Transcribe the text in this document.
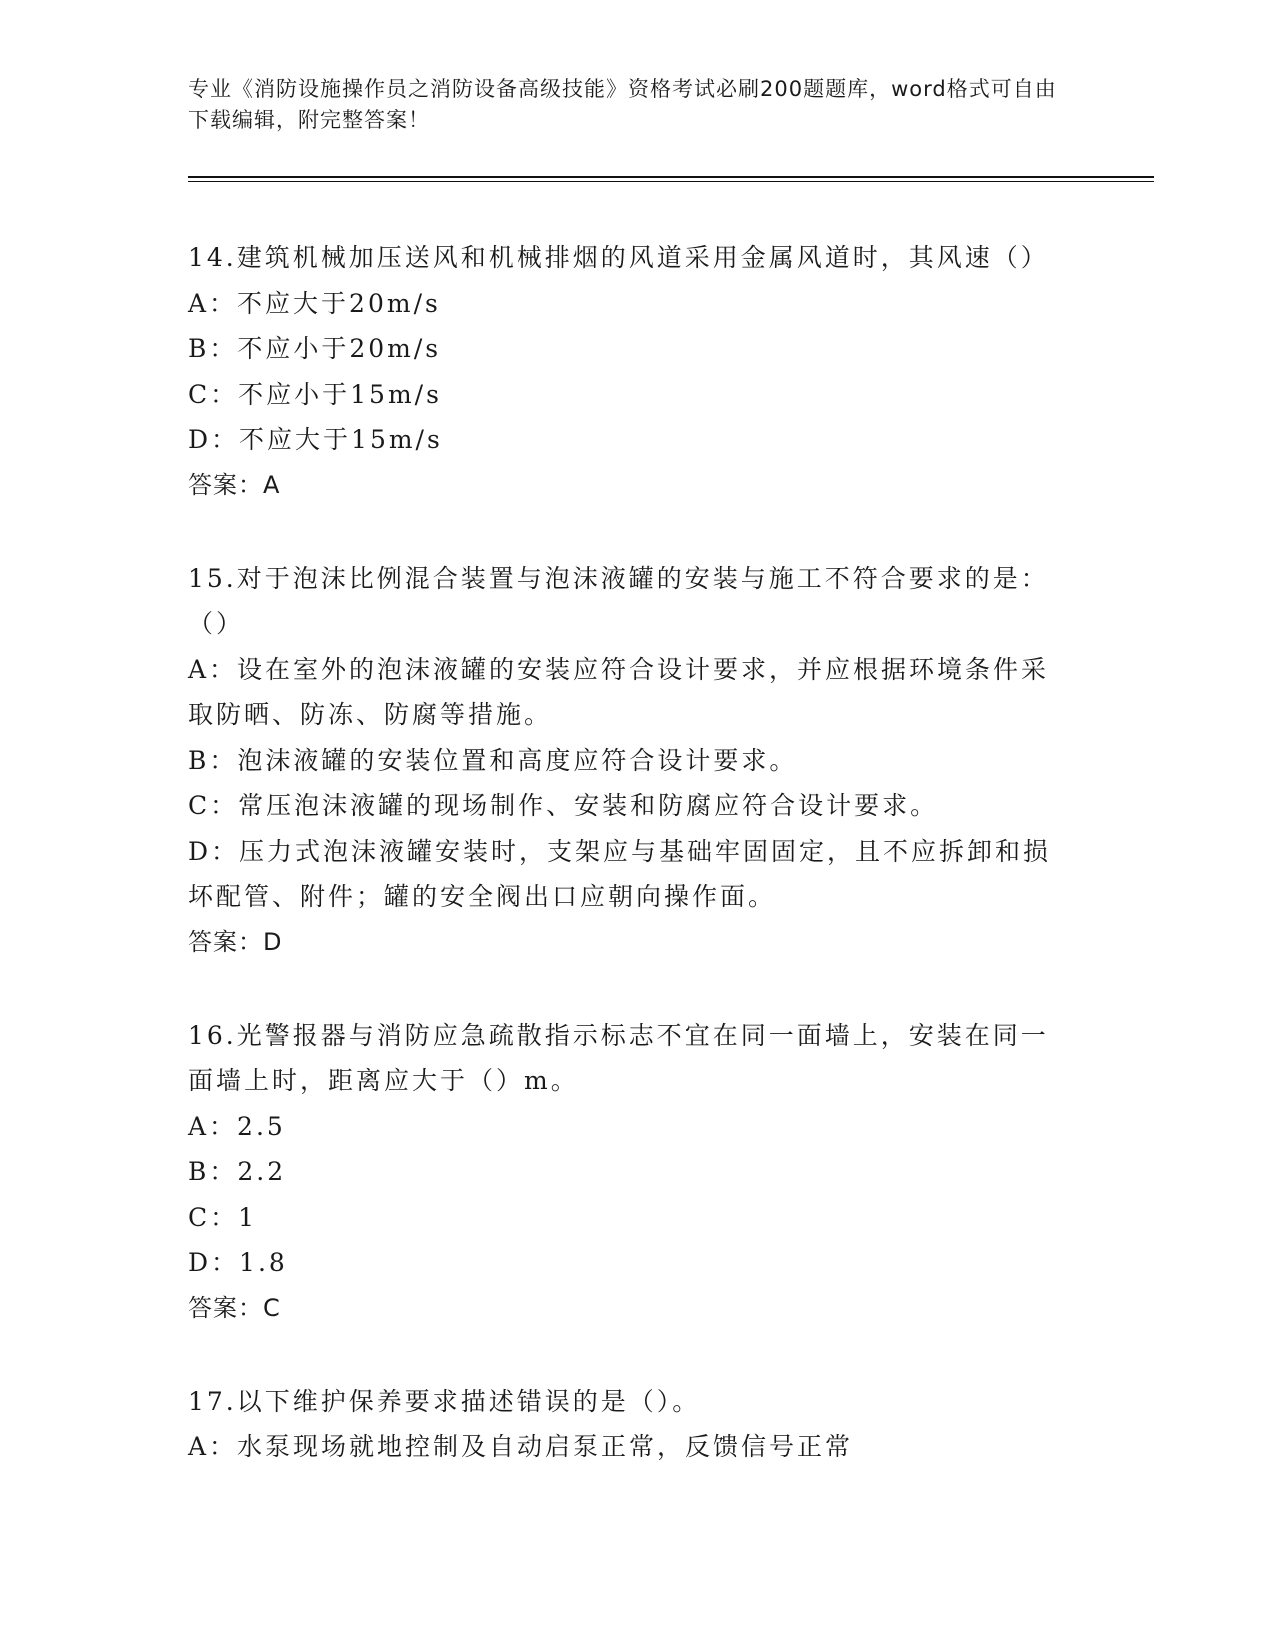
专业《消防设施操作员之消防设备高级技能》资格考试必刷200题题库，word格式可自由下载编辑，附完整答案！
14.建筑机械加压送风和机械排烟的风道采用金属风道时，其风速（）
A：不应大于20m/s
B：不应小于20m/s
C：不应小于15m/s
D：不应大于15m/s
答案：A
15.对于泡沫比例混合装置与泡沫液罐的安装与施工不符合要求的是：
（）
A：设在室外的泡沫液罐的安装应符合设计要求，并应根据环境条件采
取防晒、防冻、防腐等措施。
B：泡沫液罐的安装位置和高度应符合设计要求。
C：常压泡沫液罐的现场制作、安装和防腐应符合设计要求。
D：压力式泡沫液罐安装时，支架应与基础牢固固定，且不应拆卸和损
坏配管、附件；罐的安全阀出口应朝向操作面。
答案：D
16.光警报器与消防应急疏散指示标志不宜在同一面墙上，安装在同一
面墙上时，距离应大于（）m。
A：2.5
B：2.2
C：1
D：1.8
答案：C
17.以下维护保养要求描述错误的是（）。
A：水泵现场就地控制及自动启泵正常，反馈信号正常
